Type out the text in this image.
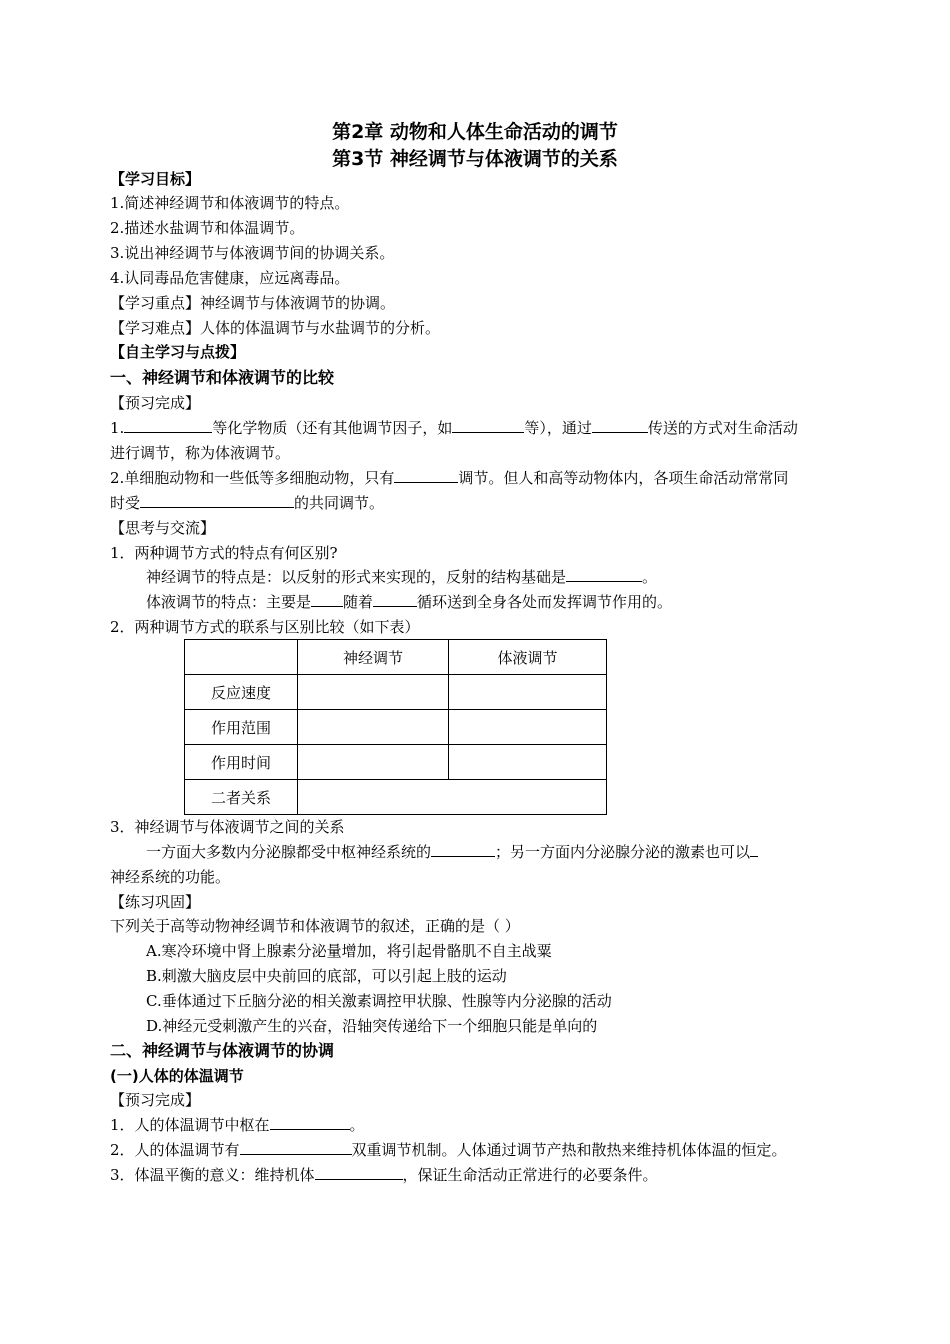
第2章 动物和人体生命活动的调节
第3节 神经调节与体液调节的关系
【学习目标】
1.简述神经调节和体液调节的特点。
2.描述水盐调节和体温调节。
3.说出神经调节与体液调节间的协调关系。
4.认同毒品危害健康，应远离毒品。
【学习重点】神经调节与体液调节的协调。
【学习难点】人体的体温调节与水盐调节的分析。
【自主学习与点拨】
一、神经调节和体液调节的比较
【预习完成】
1.	等化学物质（还有其他调节因子，如	等），通过	传送的方式对生命活动
进行调节，称为体液调节。
2.单细胞动物和一些低等多细胞动物，只有	调节。但人和高等动物体内，各项生命活动常常同
时受	的共同调节。
【思考与交流】
1．两种调节方式的特点有何区别?
神经调节的特点是：以反射的形式来实现的，反射的结构基础是	。
体液调节的特点：主要是 随着	循环送到全身各处而发挥调节作用的。
2．两种调节方式的联系与区别比较（如下表）
	神经调节	体液调节
反应速度		
作用范围		
作用时间		
二者关系		
3．神经调节与体液调节之间的关系
一方面大多数内分泌腺都受中枢神经系统的	；另一方面内分泌腺分泌的激素也可以
神经系统的功能。
【练习巩固】
下列关于高等动物神经调节和体液调节的叙述，正确的是（ ）
A.寒冷环境中肾上腺素分泌量增加，将引起骨骼肌不自主战粟
B.刺激大脑皮层中央前回的底部，可以引起上肢的运动
C.垂体通过下丘脑分泌的相关激素调控甲状腺、性腺等内分泌腺的活动
D.神经元受刺激产生的兴奋，沿轴突传递给下一个细胞只能是单向的
二、神经调节与体液调节的协调
(一)人体的体温调节
【预习完成】
1．人的体温调节中枢在	。
2．人的体温调节有	双重调节机制。人体通过调节产热和散热来维持机体体温的恒定。
3．体温平衡的意义：维持机体	，保证生命活动正常进行的必要条件。
